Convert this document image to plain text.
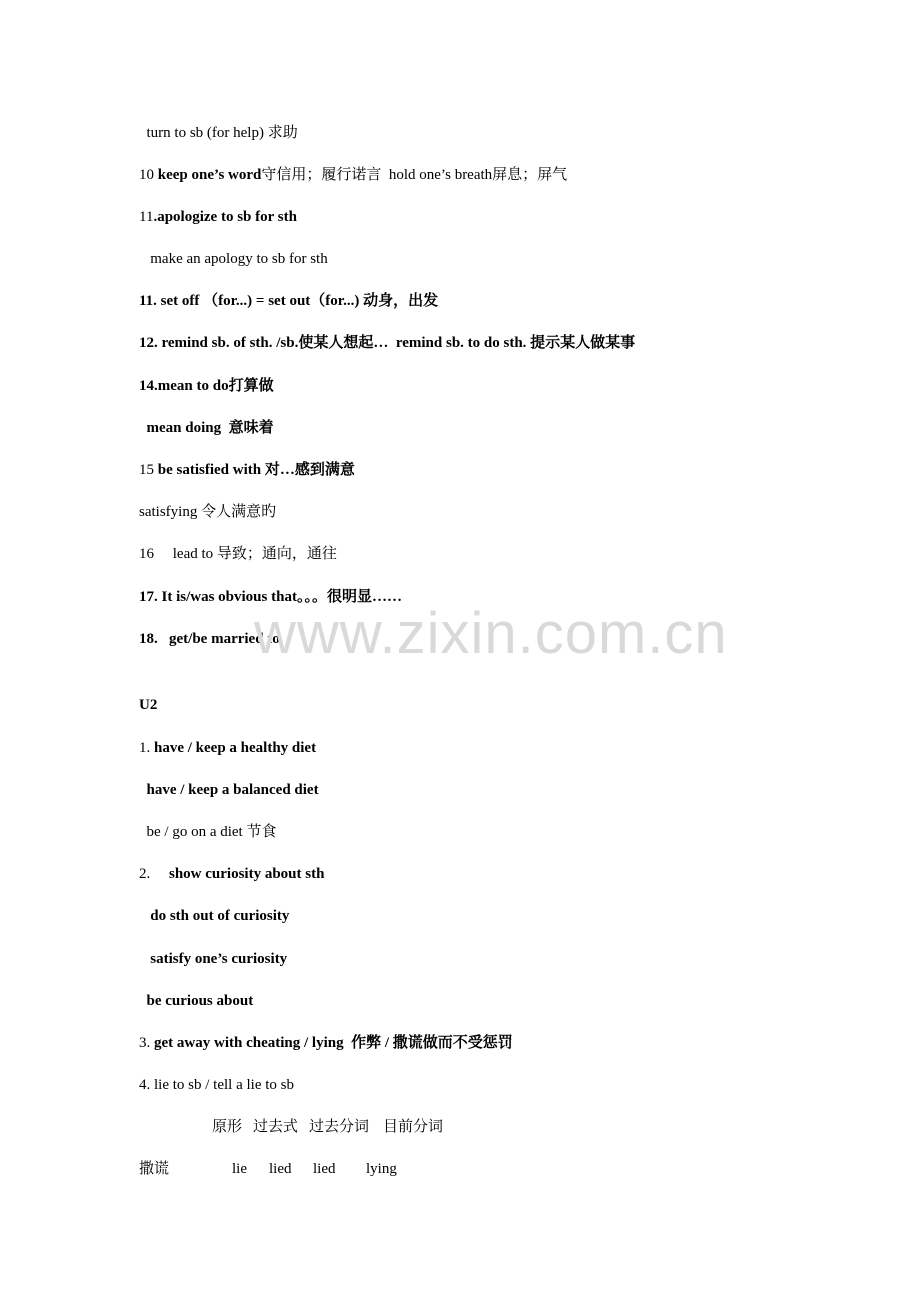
turn to sb (for help) 求助
10 keep one’s word守信用；履行诺言  hold one’s breath屏息；屏气
11.apologize to sb for sth
make an apology to sb for sth
11. set off （for...) = set out（for...) 动身，出发
12. remind sb. of sth. /sb.使某人想起…  remind sb. to do sth. 提示某人做某事
14.mean to do打算做
mean doing  意味着
15 be satisfied with 对…感到满意
satisfying 令人满意旳
16     lead to 导致；通向，通往
17. It is/was obvious that。。。很明显……
18.   get/be married to
U2
1. have / keep a healthy diet
have / keep a balanced diet
be / go on a diet 节食
2.     show curiosity about sth
do sth out of curiosity
satisfy one’s curiosity
be curious about
3. get away with cheating / lying  作弊 / 撒谎做而不受惩罚
4. lie to sb / tell a lie to sb
原形 过去式 过去分词 目前分词
撒谎	lie lied lied lying
www.zixin.com.cn
